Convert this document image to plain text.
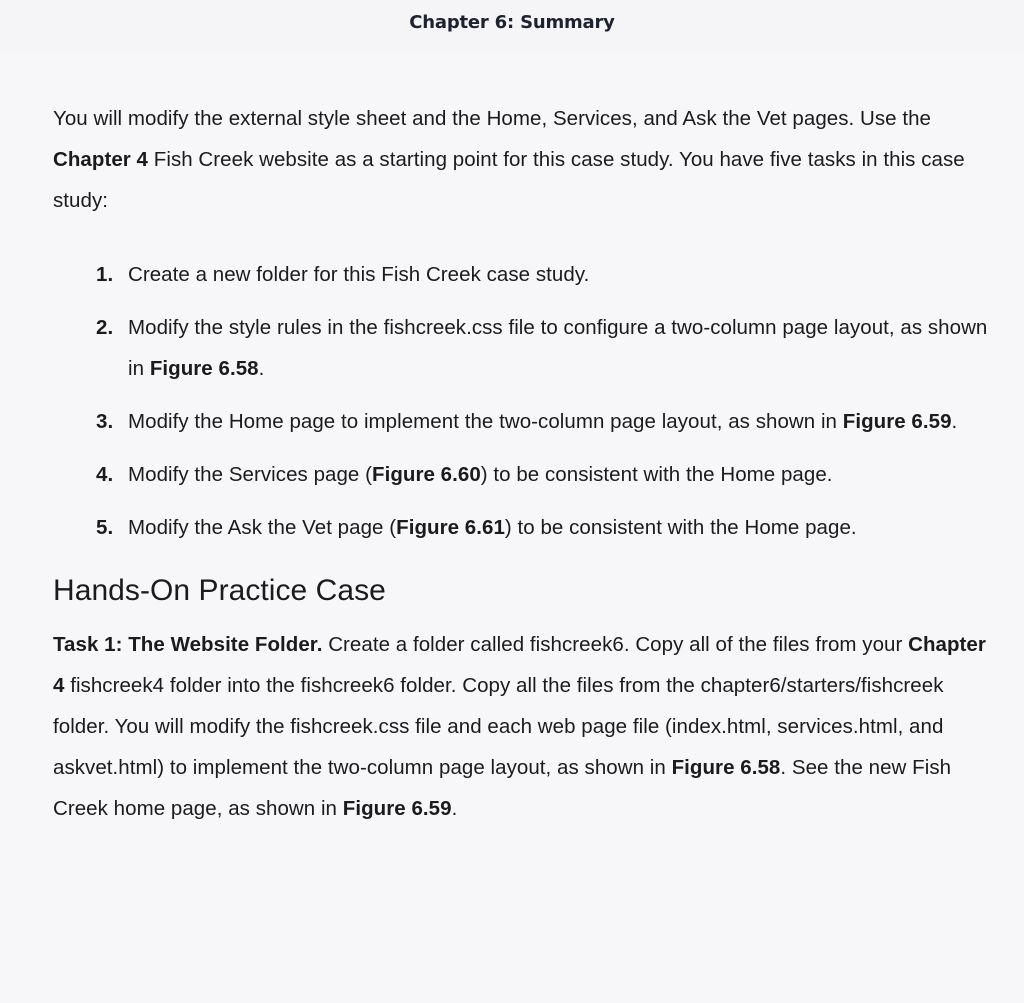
Chapter 6: Summary

You will modify the external style sheet and the Home, Services, and Ask the Vet pages. Use the Chapter 4 Fish Creek website as a starting point for this case study. You have five tasks in this case study:

1. Create a new folder for this Fish Creek case study.
2. Modify the style rules in the fishcreek.css file to configure a two-column page layout, as shown in Figure 6.58.
3. Modify the Home page to implement the two-column page layout, as shown in Figure 6.59.
4. Modify the Services page (Figure 6.60) to be consistent with the Home page.
5. Modify the Ask the Vet page (Figure 6.61) to be consistent with the Home page.
Hands-On Practice Case

Task 1: The Website Folder. Create a folder called fishcreek6. Copy all of the files from your Chapter 4 fishcreek4 folder into the fishcreek6 folder. Copy all the files from the chapter6/starters/fishcreek folder. You will modify the fishcreek.css file and each web page file (index.html, services.html, and askvet.html) to implement the two-column page layout, as shown in Figure 6.58. See the new Fish Creek home page, as shown in Figure 6.59.
